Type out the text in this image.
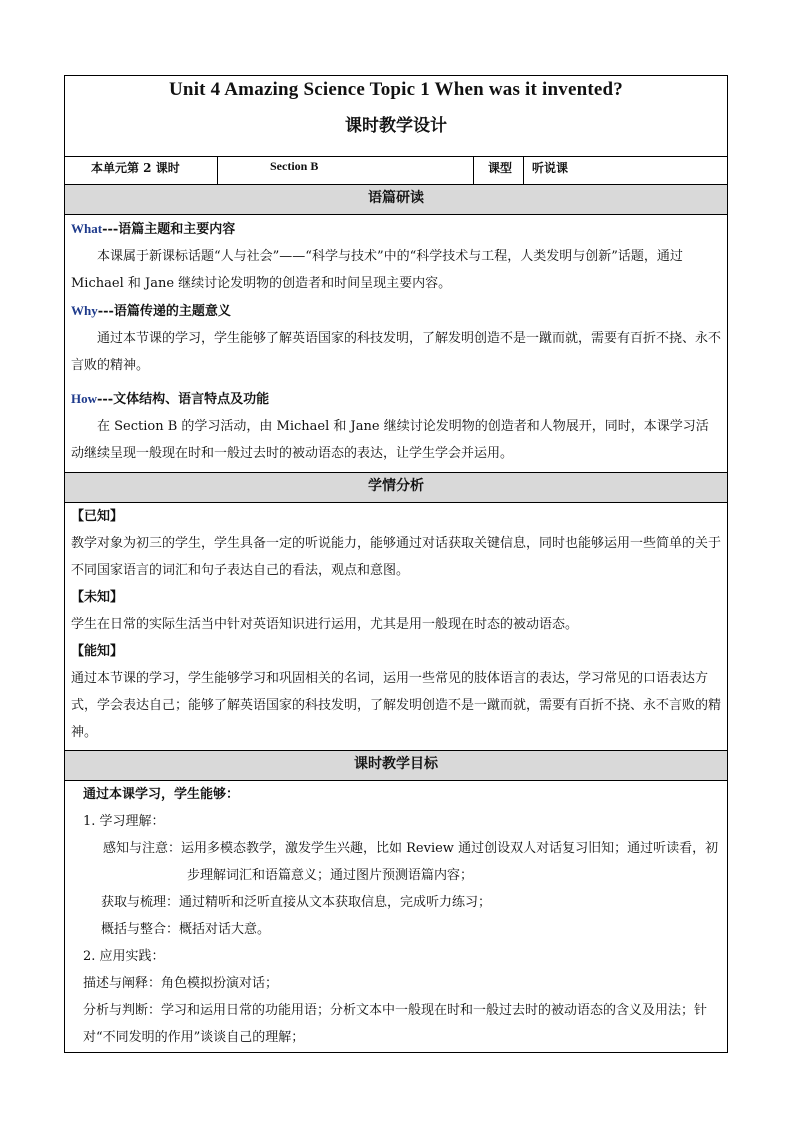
Unit 4 Amazing Science Topic 1 When was it invented?
课时教学设计
本单元第 2 课时	Section B	课型	听说课
语篇研读
What---语篇主题和主要内容
本课属于新课标话题“人与社会”——“科学与技术”中的“科学技术与工程，人类发明与创新”话题，通过 Michael 和 Jane 继续讨论发明物的创造者和时间呈现主要内容。
Why---语篇传递的主题意义
通过本节课的学习，学生能够了解英语国家的科技发明，了解发明创造不是一蹴而就，需要有百折不挠、永不言败的精神。
How---文体结构、语言特点及功能
在 Section B 的学习活动，由 Michael 和 Jane 继续讨论发明物的创造者和人物展开，同时，本课学习活动继续呈现一般现在时和一般过去时的被动语态的表达，让学生学会并运用。
学情分析
【已知】
教学对象为初三的学生，学生具备一定的听说能力，能够通过对话获取关键信息，同时也能够运用一些简单的关于不同国家语言的词汇和句子表达自己的看法，观点和意图。
【未知】
学生在日常的实际生活当中针对英语知识进行运用，尤其是用一般现在时态的被动语态。
【能知】
通过本节课的学习，学生能够学习和巩固相关的名词，运用一些常见的肢体语言的表达，学习常见的口语表达方式，学会表达自己；能够了解英语国家的科技发明，了解发明创造不是一蹴而就，需要有百折不挠、永不言败的精神。
课时教学目标
通过本课学习，学生能够：
1. 学习理解：
感知与注意：运用多模态教学，激发学生兴趣，比如 Review 通过创设双人对话复习旧知；通过听读看，初步理解词汇和语篇意义；通过图片预测语篇内容；
获取与梳理：通过精听和泛听直接从文本获取信息，完成听力练习；
概括与整合：概括对话大意。
2. 应用实践：
描述与阐释：角色模拟扮演对话；
分析与判断：学习和运用日常的功能用语；分析文本中一般现在时和一般过去时的被动语态的含义及用法；针对“不同发明的作用”谈谈自己的理解；
